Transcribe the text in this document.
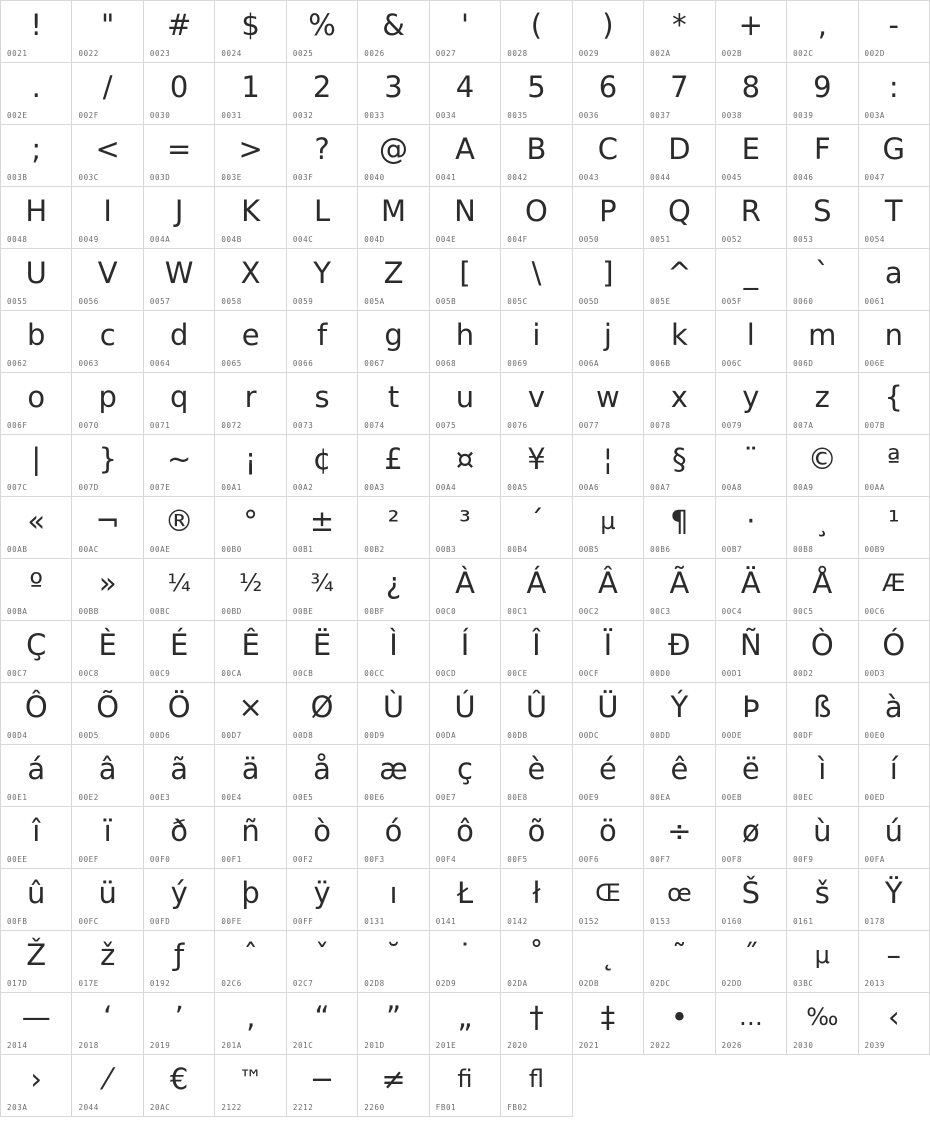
!
0021
"
0022
#
0023
$
0024
%
0025
&
0026
'
0027
(
0028
)
0029
*
002A
+
002B
,
002C
-
002D
.
002E
/
002F
0
0030
1
0031
2
0032
3
0033
4
0034
5
0035
6
0036
7
0037
8
0038
9
0039
:
003A
;
003B
<
003C
=
003D
>
003E
?
003F
@
0040
A
0041
B
0042
C
0043
D
0044
E
0045
F
0046
G
0047
H
0048
I
0049
J
004A
K
004B
L
004C
M
004D
N
004E
O
004F
P
0050
Q
0051
R
0052
S
0053
T
0054
U
0055
V
0056
W
0057
X
0058
Y
0059
Z
005A
[
005B
\
005C
]
005D
^
005E
_
005F
`
0060
a
0061
b
0062
c
0063
d
0064
e
0065
f
0066
g
0067
h
0068
i
0069
j
006A
k
006B
l
006C
m
006D
n
006E
o
006F
p
0070
q
0071
r
0072
s
0073
t
0074
u
0075
v
0076
w
0077
x
0078
y
0079
z
007A
{
007B
|
007C
}
007D
~
007E
¡
00A1
¢
00A2
£
00A3
¤
00A4
¥
00A5
¦
00A6
§
00A7
¨
00A8
©
00A9
ª
00AA
«
00AB
¬
00AC
®
00AE
°
00B0
±
00B1
²
00B2
³
00B3
´
00B4
µ
00B5
¶
00B6
·
00B7
¸
00B8
¹
00B9
º
00BA
»
00BB
¼
00BC
½
00BD
¾
00BE
¿
00BF
À
00C0
Á
00C1
Â
00C2
Ã
00C3
Ä
00C4
Å
00C5
Æ
00C6
Ç
00C7
È
00C8
É
00C9
Ê
00CA
Ë
00CB
Ì
00CC
Í
00CD
Î
00CE
Ï
00CF
Ð
00D0
Ñ
00D1
Ò
00D2
Ó
00D3
Ô
00D4
Õ
00D5
Ö
00D6
×
00D7
Ø
00D8
Ù
00D9
Ú
00DA
Û
00DB
Ü
00DC
Ý
00DD
Þ
00DE
ß
00DF
à
00E0
á
00E1
â
00E2
ã
00E3
ä
00E4
å
00E5
æ
00E6
ç
00E7
è
00E8
é
00E9
ê
00EA
ë
00EB
ì
00EC
í
00ED
î
00EE
ï
00EF
ð
00F0
ñ
00F1
ò
00F2
ó
00F3
ô
00F4
õ
00F5
ö
00F6
÷
00F7
ø
00F8
ù
00F9
ú
00FA
û
00FB
ü
00FC
ý
00FD
þ
00FE
ÿ
00FF
ı
0131
Ł
0141
ł
0142
Œ
0152
œ
0153
Š
0160
š
0161
Ÿ
0178
Ž
017D
ž
017E
ƒ
0192
ˆ
02C6
ˇ
02C7
˘
02D8
˙
02D9
˚
02DA
˛
02DB
˜
02DC
˝
02DD
μ
03BC
–
2013
—
2014
‘
2018
’
2019
‚
201A
“
201C
”
201D
„
201E
†
2020
‡
2021
•
2022
…
2026
‰
2030
‹
2039
›
203A
⁄
2044
€
20AC
™
2122
−
2212
≠
2260
ﬁ
FB01
ﬂ
FB02
